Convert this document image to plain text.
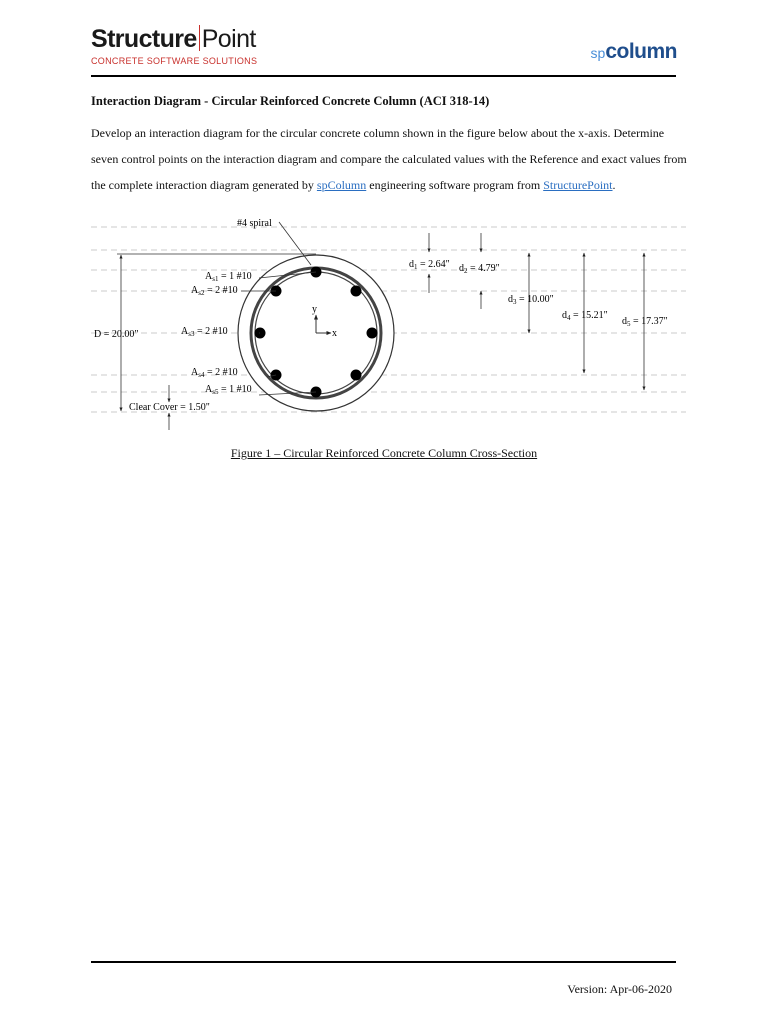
Structure Point
CONCRETE SOFTWARE SOLUTIONS	spcolumn
Interaction Diagram - Circular Reinforced Concrete Column (ACI 318-14)
Develop an interaction diagram for the circular concrete column shown in the figure below about the x-axis. Determine seven control points on the interaction diagram and compare the calculated values with the Reference and exact values from the complete interaction diagram generated by spColumn engineering software program from StructurePoint.
y
x
D = 20.00"
Clear Cover = 1.50"
#4 spiral
$A_{s1} = 1$ #10
$A_{s2} = 2$ #10
$A_{s3} = 2$ #10
$A_{s4} = 2$ #10
$A_{s5} = 1$ #10
$d_1 = 2.64$" $d_2 = 4.79$"
$d_3 = 10.00$"
$d_4 = 15.21$"
$d_5 = 17.37$"
Figure 1 – Circular Reinforced Concrete Column Cross-Section
Version: Apr-06-2020
